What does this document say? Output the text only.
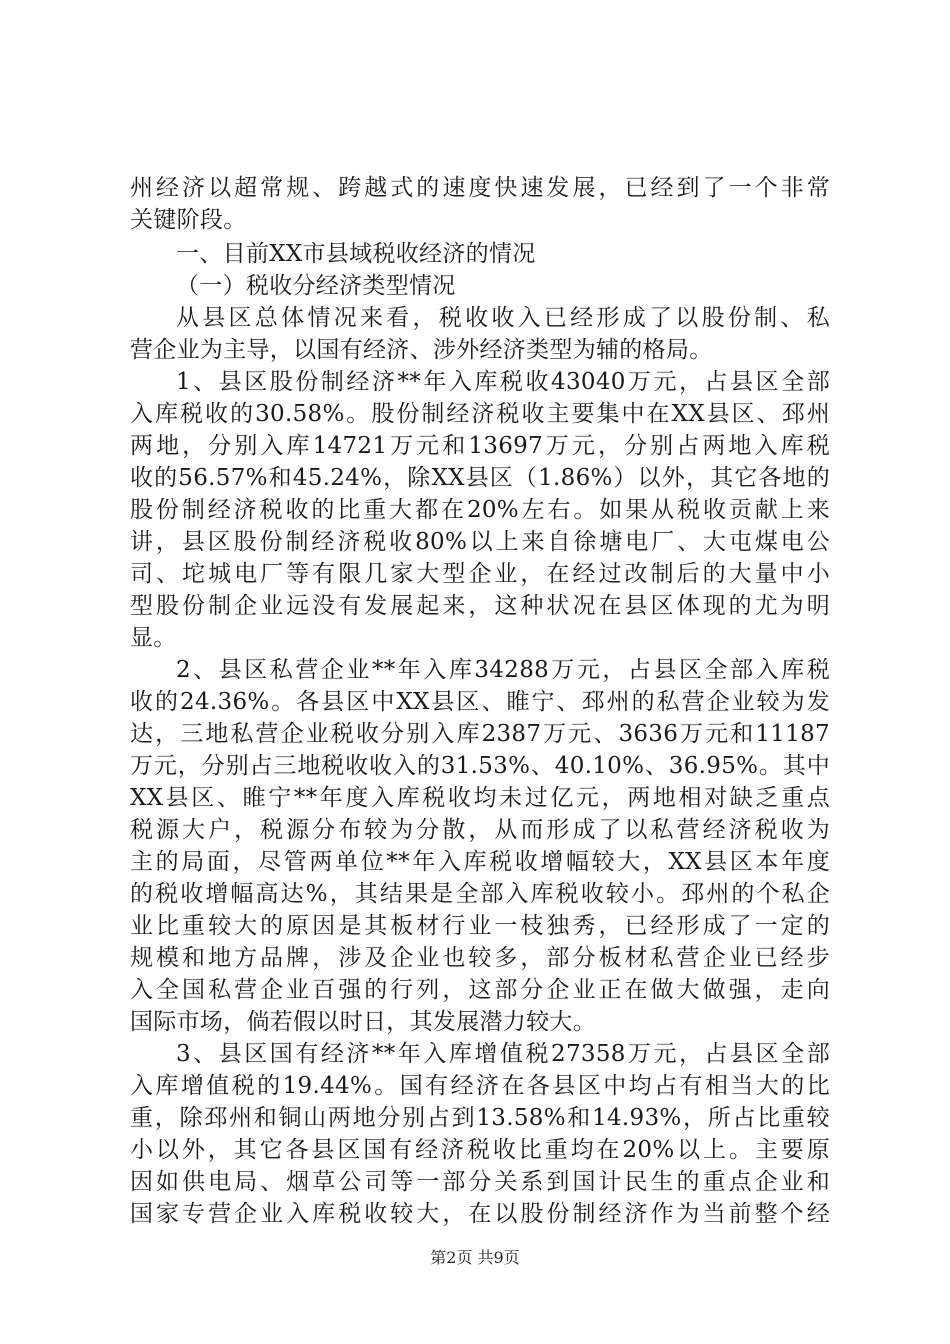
州经济以超常规、跨越式的速度快速发展，已经到了一个非常
关键阶段。
一、目前XX市县域税收经济的情况
（一）税收分经济类型情况
从县区总体情况来看，税收收入已经形成了以股份制、私
营企业为主导，以国有经济、涉外经济类型为辅的格局。
1、县区股份制经济**年入库税收43040万元，占县区全部
入库税收的30.58%。股份制经济税收主要集中在XX县区、邳州
两地，分别入库14721万元和13697万元，分别占两地入库税
收的56.57%和45.24%，除XX县区（1.86%）以外，其它各地的
股份制经济税收的比重大都在20%左右。如果从税收贡献上来
讲，县区股份制经济税收80%以上来自徐塘电厂、大屯煤电公
司、坨城电厂等有限几家大型企业，在经过改制后的大量中小
型股份制企业远没有发展起来，这种状况在县区体现的尤为明
显。
2、县区私营企业**年入库34288万元，占县区全部入库税
收的24.36%。各县区中XX县区、睢宁、邳州的私营企业较为发
达，三地私营企业税收分别入库2387万元、3636万元和11187
万元，分别占三地税收收入的31.53%、40.10%、36.95%。其中
XX县区、睢宁**年度入库税收均未过亿元，两地相对缺乏重点
税源大户，税源分布较为分散，从而形成了以私营经济税收为
主的局面，尽管两单位**年入库税收增幅较大，XX县区本年度
的税收增幅高达%，其结果是全部入库税收较小。邳州的个私企
业比重较大的原因是其板材行业一枝独秀，已经形成了一定的
规模和地方品牌，涉及企业也较多，部分板材私营企业已经步
入全国私营企业百强的行列，这部分企业正在做大做强，走向
国际市场，倘若假以时日，其发展潜力较大。
3、县区国有经济**年入库增值税27358万元，占县区全部
入库增值税的19.44%。国有经济在各县区中均占有相当大的比
重，除邳州和铜山两地分别占到13.58%和14.93%，所占比重较
小以外，其它各县区国有经济税收比重均在20%以上。主要原
因如供电局、烟草公司等一部分关系到国计民生的重点企业和
国家专营企业入库税收较大，在以股份制经济作为当前整个经
第2页 共9页
